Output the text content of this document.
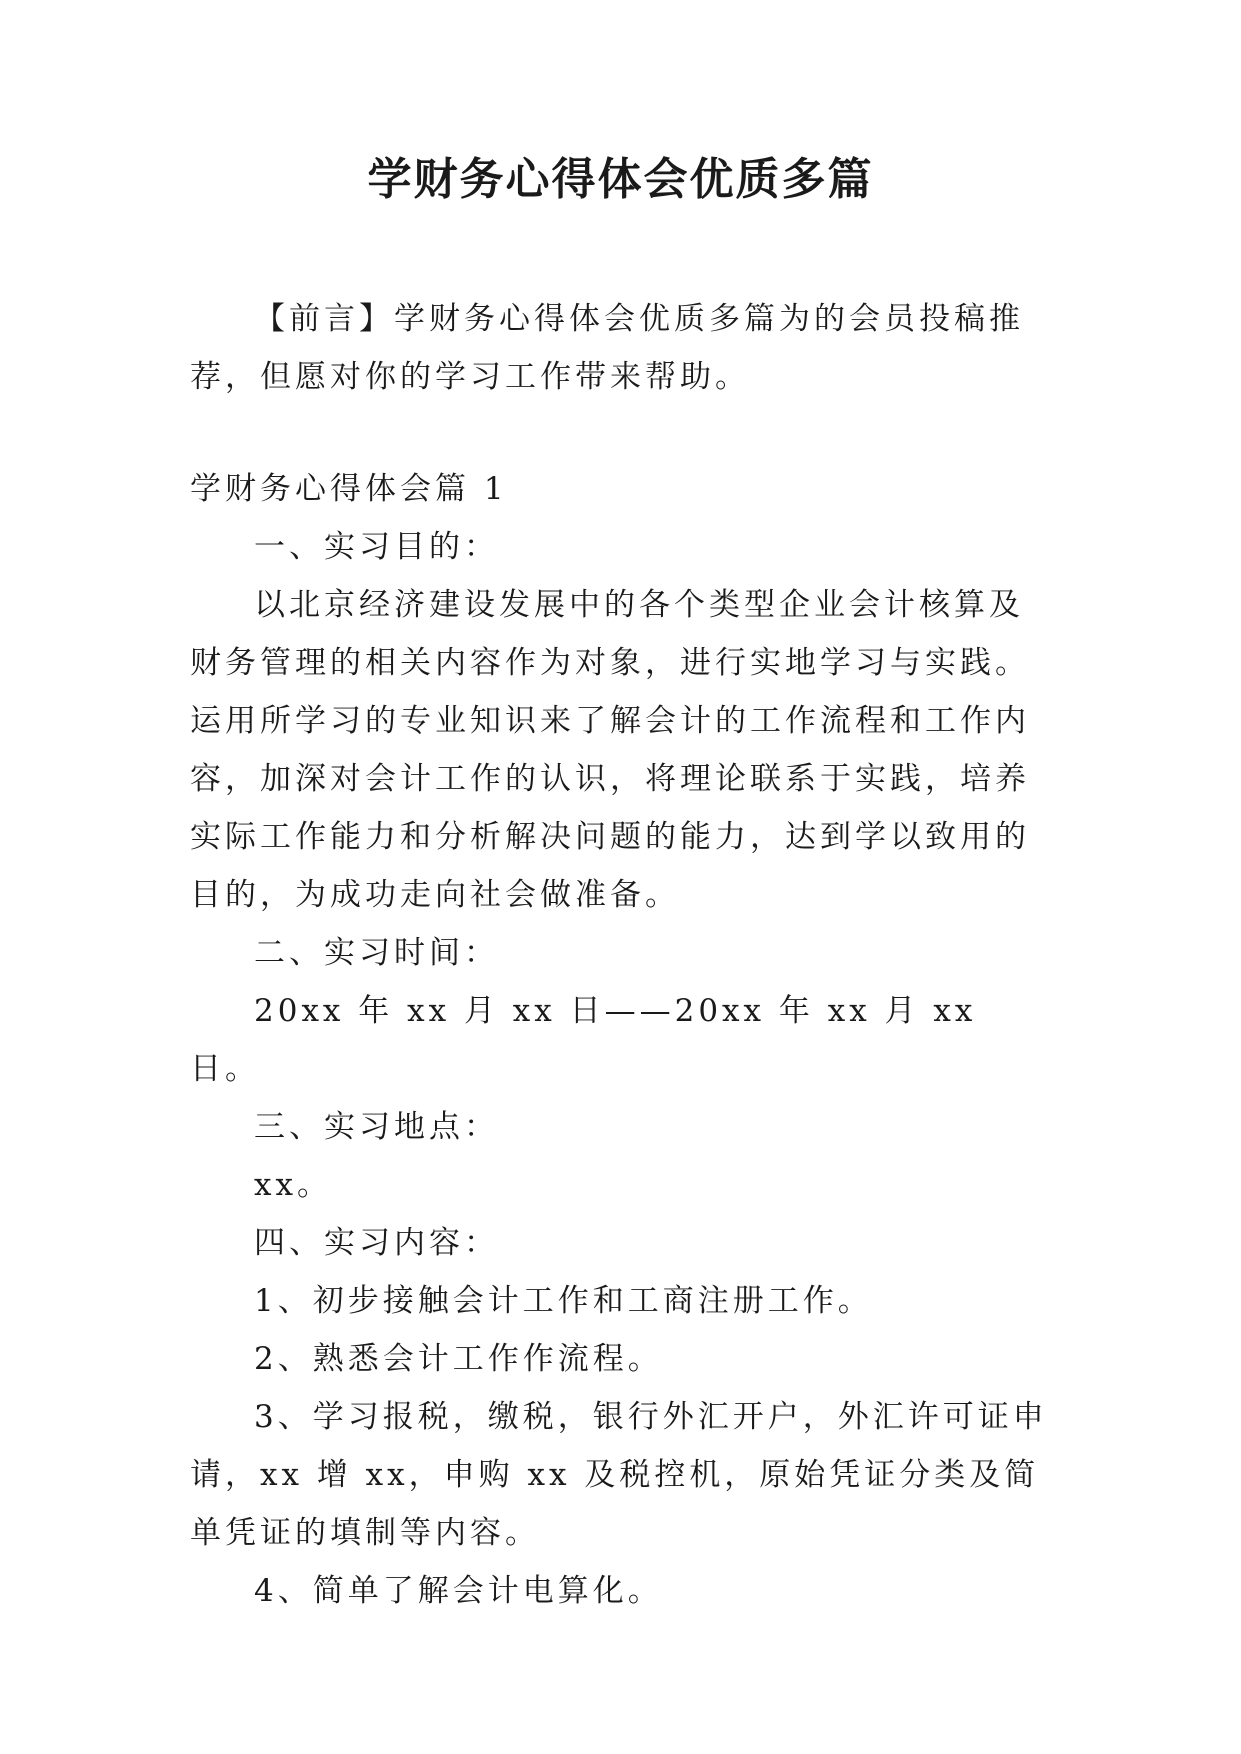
学财务心得体会优质多篇

【前言】学财务心得体会优质多篇为的会员投稿推荐，但愿对你的学习工作带来帮助。

学财务心得体会篇 1

一、实习目的：

以北京经济建设发展中的各个类型企业会计核算及财务管理的相关内容作为对象，进行实地学习与实践。运用所学习的专业知识来了解会计的工作流程和工作内容，加深对会计工作的认识，将理论联系于实践，培养实际工作能力和分析解决问题的能力，达到学以致用的目的，为成功走向社会做准备。

二、实习时间：

20xx 年 xx 月 xx 日——20xx 年 xx 月 xx 日。

三、实习地点：

xx。

四、实习内容：

1、初步接触会计工作和工商注册工作。

2、熟悉会计工作作流程。

3、学习报税，缴税，银行外汇开户，外汇许可证申请，xx 增 xx，申购 xx 及税控机，原始凭证分类及简单凭证的填制等内容。

4、简单了解会计电算化。
